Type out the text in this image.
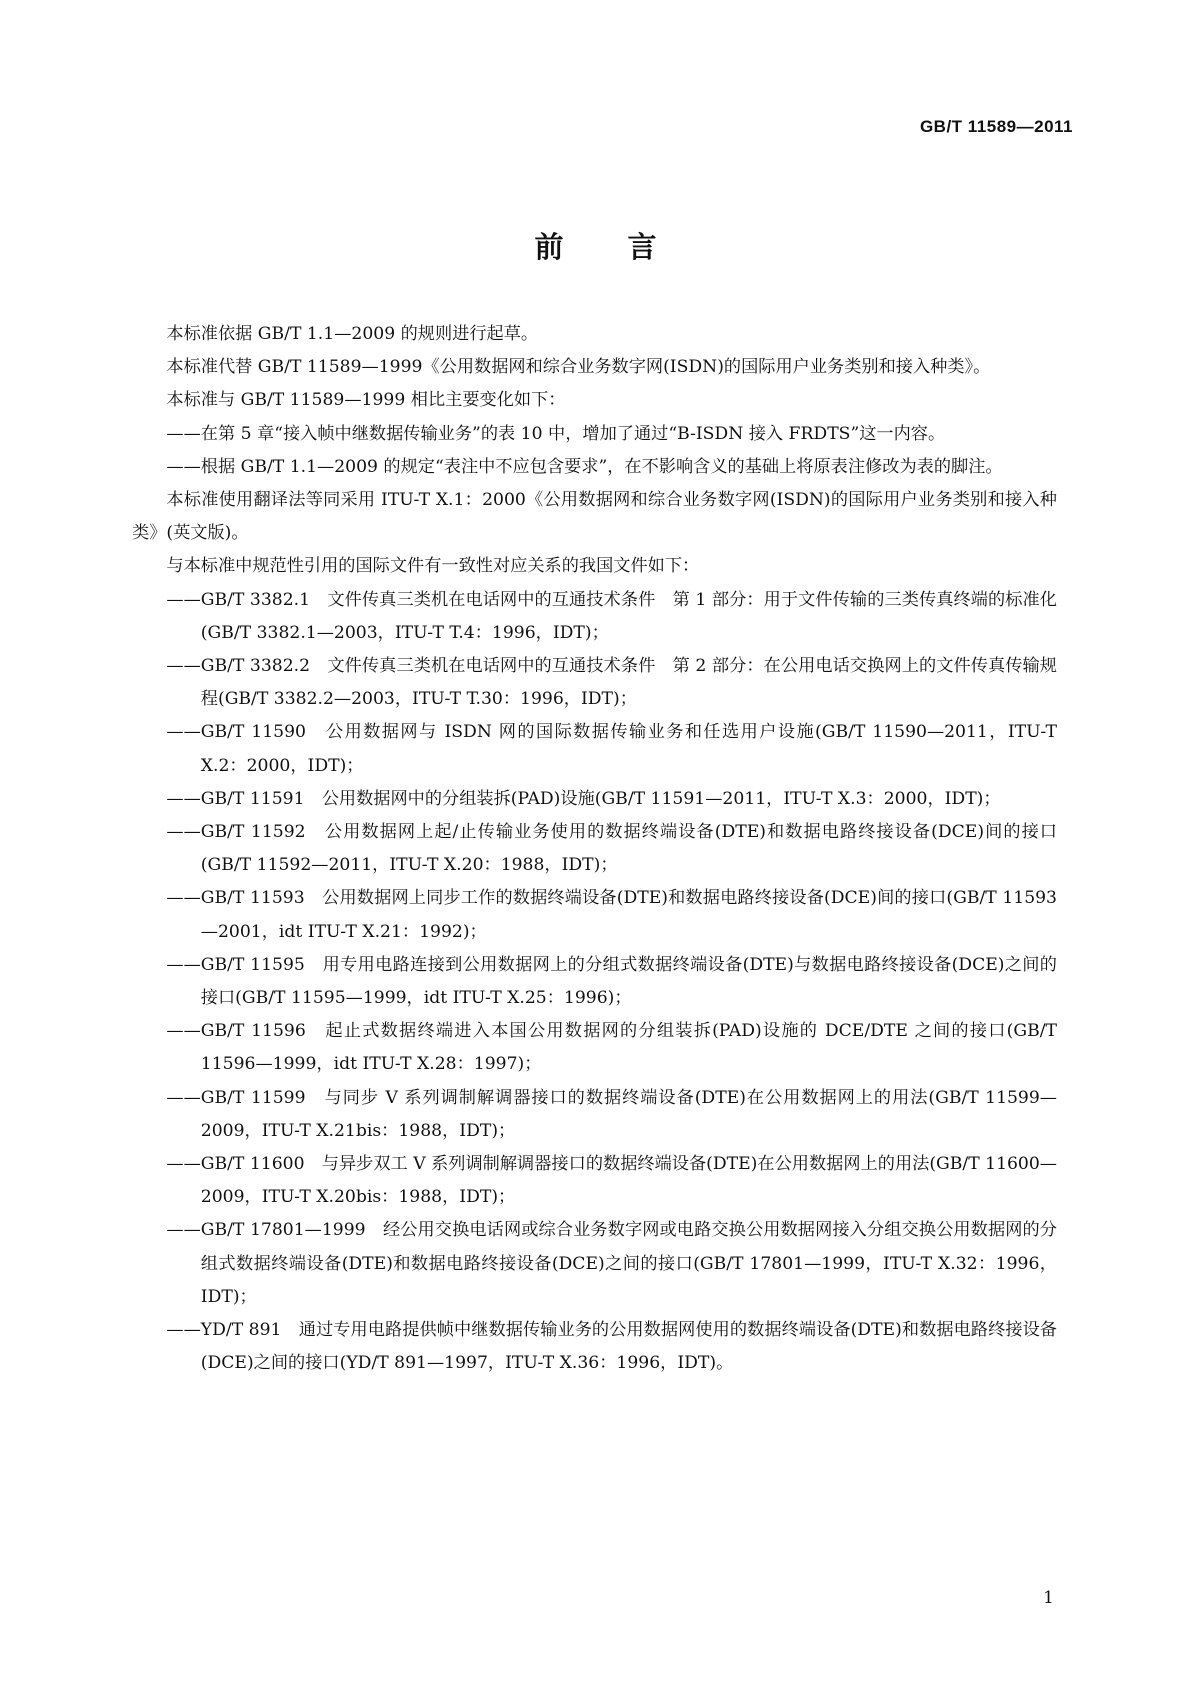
GB/T 11589—2011
前言

本标准依据 GB/T 1.1—2009 的规则进行起草。

本标准代替 GB/T 11589—1999《公用数据网和综合业务数字网(ISDN)的国际用户业务类别和接入种类》。

本标准与 GB/T 11589—1999 相比主要变化如下：

——在第 5 章“接入帧中继数据传输业务”的表 10 中，增加了通过“B-ISDN 接入 FRDTS”这一内容。

——根据 GB/T 1.1—2009 的规定“表注中不应包含要求”，在不影响含义的基础上将原表注修改为表的脚注。

本标准使用翻译法等同采用 ITU-T X.1：2000《公用数据网和综合业务数字网(ISDN)的国际用户业务类别和接入种类》(英文版)。

与本标准中规范性引用的国际文件有一致性对应关系的我国文件如下：

——GB/T 3382.1　文件传真三类机在电话网中的互通技术条件　第 1 部分：用于文件传输的三类传真终端的标准化(GB/T 3382.1—2003，ITU-T T.4：1996，IDT)；

——GB/T 3382.2　文件传真三类机在电话网中的互通技术条件　第 2 部分：在公用电话交换网上的文件传真传输规程(GB/T 3382.2—2003，ITU-T T.30：1996，IDT)；

——GB/T 11590　公用数据网与 ISDN 网的国际数据传输业务和任选用户设施(GB/T 11590—2011，ITU-T X.2：2000，IDT)；

——GB/T 11591　公用数据网中的分组装拆(PAD)设施(GB/T 11591—2011，ITU-T X.3：2000，IDT)；

——GB/T 11592　公用数据网上起/止传输业务使用的数据终端设备(DTE)和数据电路终接设备(DCE)间的接口(GB/T 11592—2011，ITU-T X.20：1988，IDT)；

——GB/T 11593　公用数据网上同步工作的数据终端设备(DTE)和数据电路终接设备(DCE)间的接口(GB/T 11593—2001，idt ITU-T X.21：1992)；

——GB/T 11595　用专用电路连接到公用数据网上的分组式数据终端设备(DTE)与数据电路终接设备(DCE)之间的接口(GB/T 11595—1999，idt ITU-T X.25：1996)；

——GB/T 11596　起止式数据终端进入本国公用数据网的分组装拆(PAD)设施的 DCE/DTE 之间的接口(GB/T 11596—1999，idt ITU-T X.28：1997)；

——GB/T 11599　与同步 V 系列调制解调器接口的数据终端设备(DTE)在公用数据网上的用法(GB/T 11599—2009，ITU-T X.21bis：1988，IDT)；

——GB/T 11600　与异步双工 V 系列调制解调器接口的数据终端设备(DTE)在公用数据网上的用法(GB/T 11600—2009，ITU-T X.20bis：1988，IDT)；

——GB/T 17801—1999　经公用交换电话网或综合业务数字网或电路交换公用数据网接入分组交换公用数据网的分组式数据终端设备(DTE)和数据电路终接设备(DCE)之间的接口(GB/T 17801—1999，ITU-T X.32：1996，IDT)；

——YD/T 891　通过专用电路提供帧中继数据传输业务的公用数据网使用的数据终端设备(DTE)和数据电路终接设备(DCE)之间的接口(YD/T 891—1997，ITU-T X.36：1996，IDT)。

1
